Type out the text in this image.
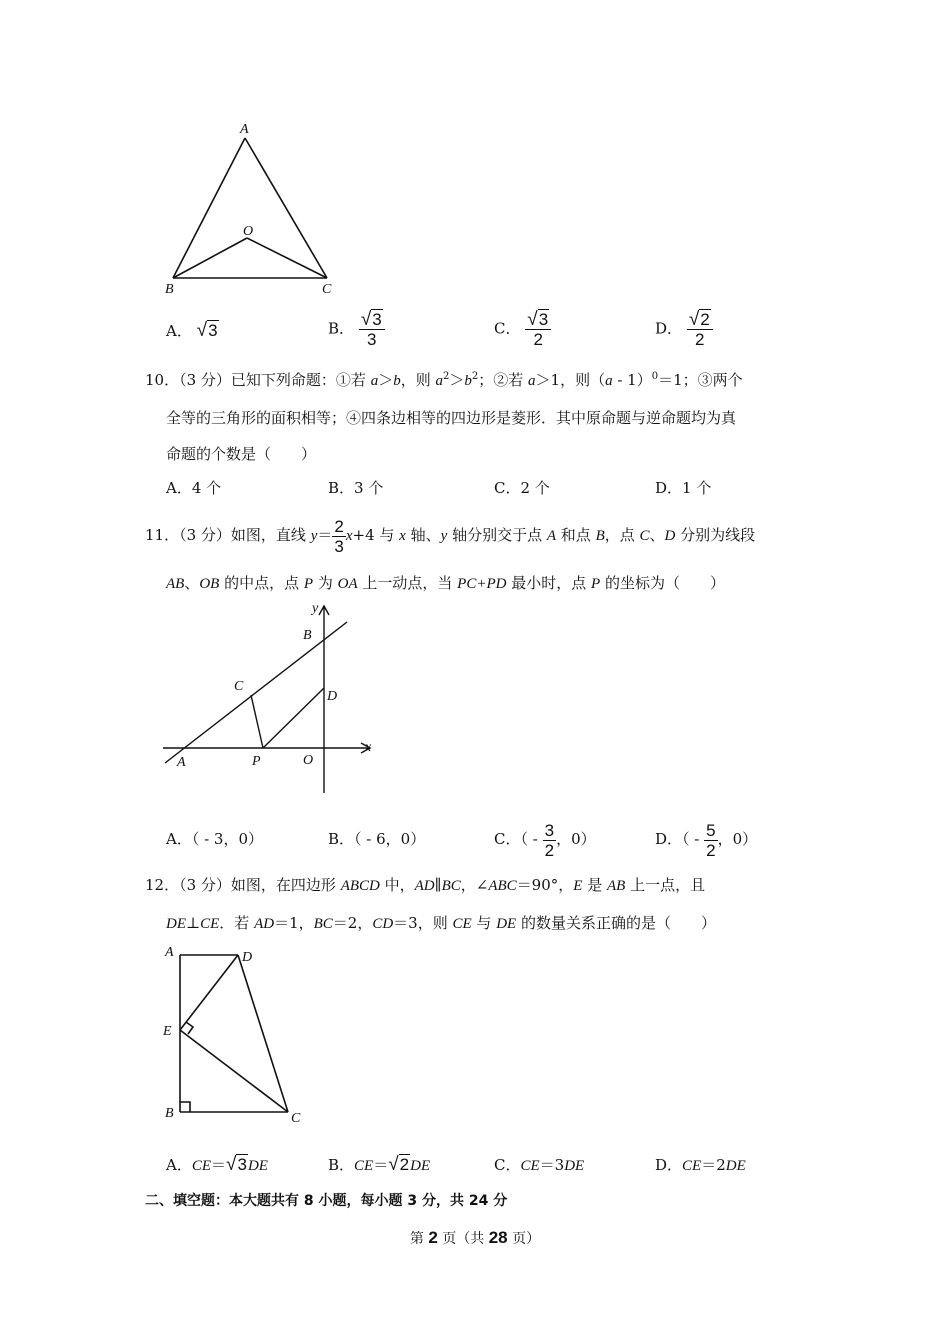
A
O
B	C
A． √3	B． $\frac{√3}{3}$	C． $\frac{√3}{2}$	D． $\frac{√2}{2}$
10．（3 分）已知下列命题：①若 a＞b，则 $a^2>b^2$；②若 a＞1，则（a - 1）$^0$＝1；③两个
全等的三角形的面积相等；④四条边相等的四边形是菱形．其中原命题与逆命题均为真
命题的个数是（　　）
A．4 个	B．3 个	C．2 个	D．1 个
11．（3 分）如图，直线 $y= \frac{2}{3} x+4$ 与 x 轴、y 轴分别交于点 A 和点 B，点 C、D 分别为线段
AB、OB 的中点，点 P 为 OA 上一动点，当 PC+PD 最小时，点 P 的坐标为（　　）
y
B
C
D
x
A	P	O
A．（ - 3，0）	B．（ - 6，0）	C．（ - $\frac{3}{2}$ ，0）	D．（ - $\frac{5}{2}$ ，0）
12．（3 分）如图，在四边形 ABCD 中，AD∥BC，∠ABC＝90°，E 是 AB 上一点，且
DE⊥CE．若 AD＝1，BC＝2，CD＝3，则 CE 与 DE 的数量关系正确的是（　　）
A	D
E
B	C
A．CE＝√3DE	B．CE＝√2DE	C．CE＝3DE	D．CE＝2DE
二、填空题：本大题共有 8 小题，每小题 3 分，共 24 分
第 2 页（共 28 页）
